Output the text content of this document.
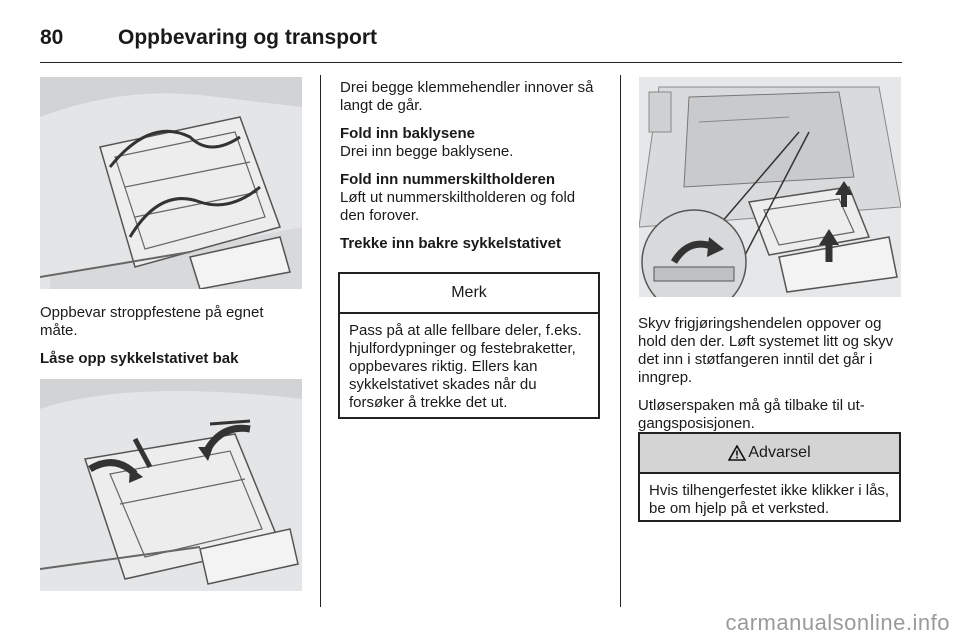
80	Oppbevaring og transport

Oppbevar stroppfestene på egnet måte.

Låse opp sykkelstativet bak

Drei begge klemmehendler innover så langt de går.

Fold inn baklysene
Drei inn begge baklysene.

Fold inn nummerskiltholderen
Løft ut nummerskiltholderen og fold den forover.

Trekke inn bakre sykkelstativet

Merk
Pass på at alle fellbare deler, f.eks. hjulfordypninger og festebraketter, oppbevares riktig. Ellers kan sykkelstativet skades når du forsøker å trekke det ut.

Skyv frigjøringshendelen oppover og hold den der. Løft systemet litt og skyv det inn i støtfangeren inntil det går i inngrep.

Utløserspaken må gå tilbake til utgangsposisjonen.

Advarsel
Hvis tilhengerfestet ikke klikker i lås, be om hjelp på et verksted.
carmanualsonline.info
